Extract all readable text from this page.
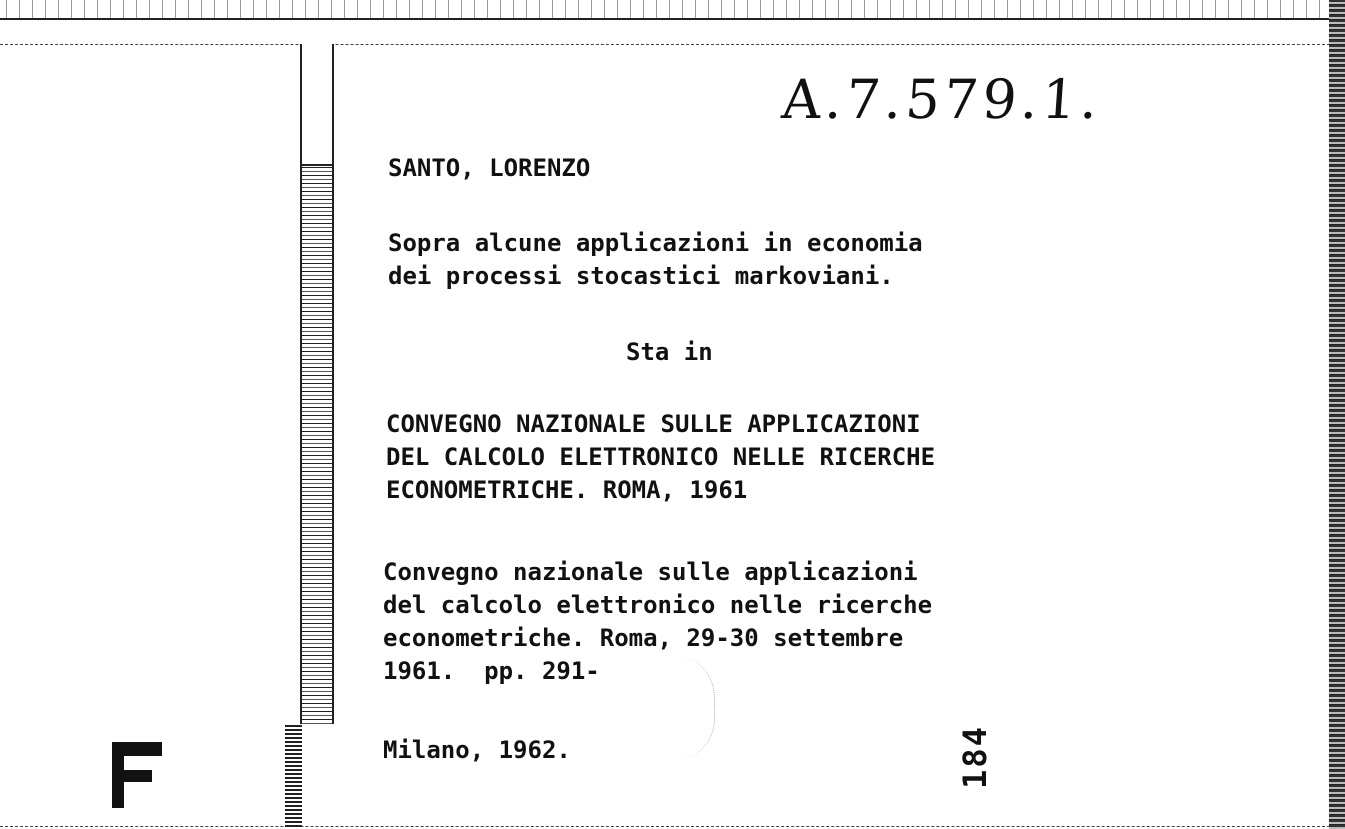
A.7.579.1.
SANTO, LORENZO
Sopra alcune applicazioni in economia
dei processi stocastici markoviani.
Sta in
CONVEGNO NAZIONALE SULLE APPLICAZIONI
DEL CALCOLO ELETTRONICO NELLE RICERCHE
ECONOMETRICHE. ROMA, 1961
Convegno nazionale sulle applicazioni
del calcolo elettronico nelle ricerche
econometriche. Roma, 29-30 settembre
1961.  pp. 291-
Milano, 1962.	184
